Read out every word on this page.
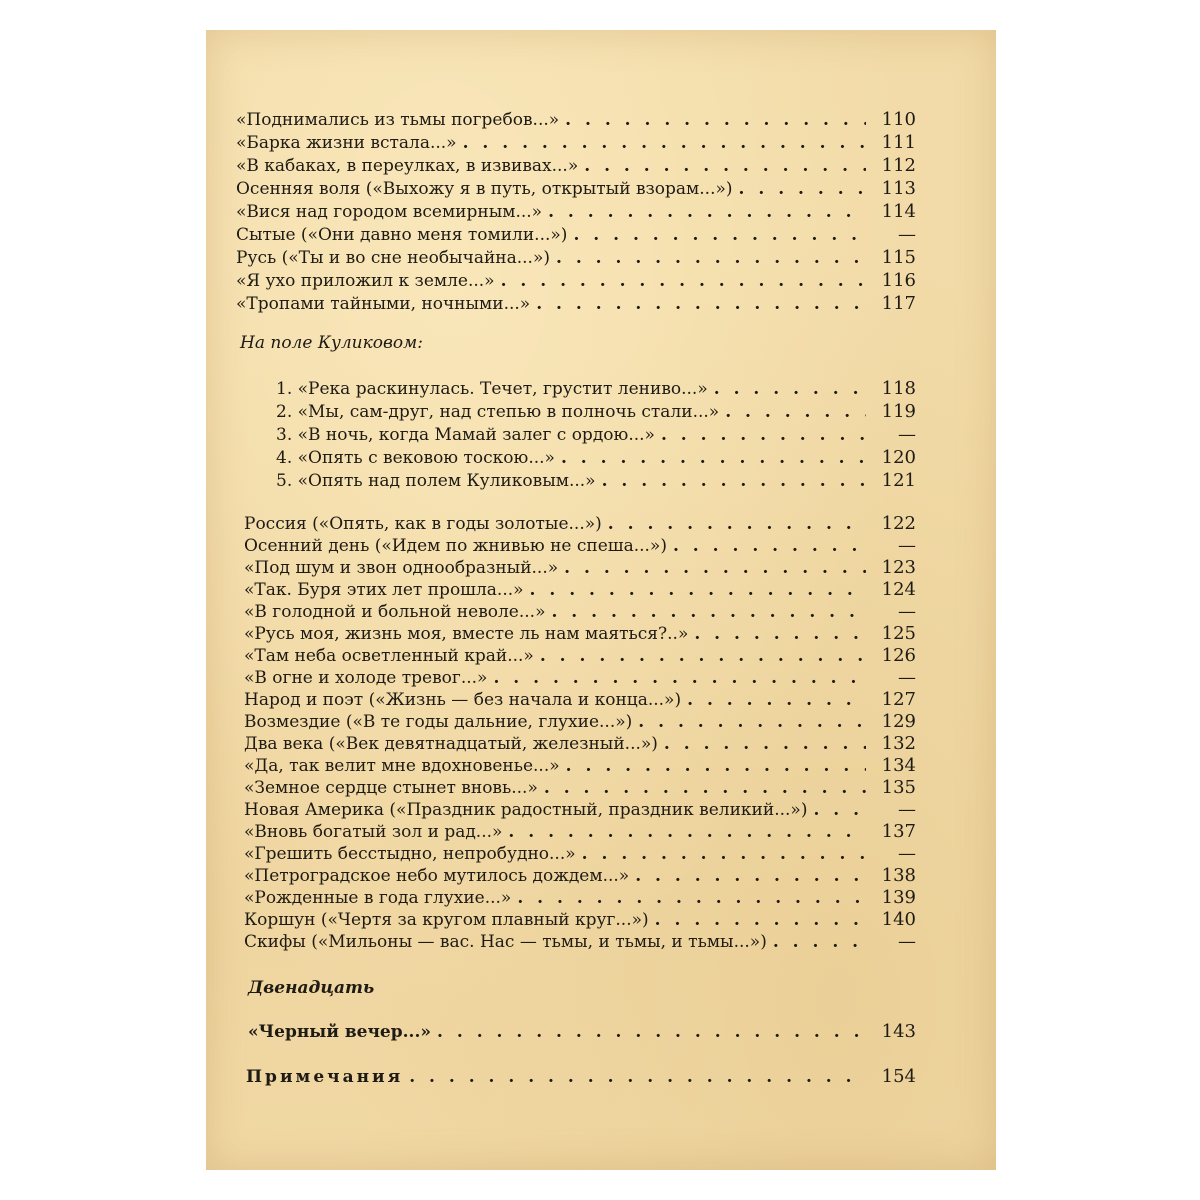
«Поднимались из тьмы погребов...» . . .	110
«Барка жизни встала...» . . .	111
«В кабаках, в переулках, в извивах...» . . .	112
Осенняя воля («Выхожу я в путь, открытый взорам...») . . .	113
«Вися над городом всемирным...» . . .	114
Сытые («Они давно меня томили...») . . .	—
Русь («Ты и во сне необычайна...») . . .	115
«Я ухо приложил к земле...» . . .	116
«Тропами тайными, ночными...» . . .	117
На поле Куликовом:
1. «Река раскинулась. Течет, грустит лениво...» . . .	118
2. «Мы, сам-друг, над степью в полночь стали...» . . .	119
3. «В ночь, когда Мамай залег с ордою...» . . .	—
4. «Опять с вековою тоскою...» . . .	120
5. «Опять над полем Куликовым...» . . .	121
Россия («Опять, как в годы золотые...») . . .	122
Осенний день («Идем по жнивью не спеша...») . . .	—
«Под шум и звон однообразный...» . . .	123
«Так. Буря этих лет прошла...» . . .	124
«В голодной и больной неволе...» . . .	—
«Русь моя, жизнь моя, вместе ль нам маяться?..» . . .	125
«Там неба осветленный край...» . . .	126
«В огне и холоде тревог...» . . .	—
Народ и поэт («Жизнь — без начала и конца...») . . .	127
Возмездие («В те годы дальние, глухие...») . . .	129
Два века («Век девятнадцатый, железный...») . . .	132
«Да, так велит мне вдохновенье...» . . .	134
«Земное сердце стынет вновь...» . . .	135
Новая Америка («Праздник радостный, праздник великий...») . . .	—
«Вновь богатый зол и рад...» . . .	137
«Грешить бесстыдно, непробудно...» . . .	—
«Петроградское небо мутилось дождем...» . . .	138
«Рожденные в года глухие...» . . .	139
Коршун («Чертя за кругом плавный круг...») . . .	140
Скифы («Мильоны — вас. Нас — тьмы, и тьмы, и тьмы...») . . .	—
Двенадцать
«Черный вечер...» . . .	143
Примечания . . .	154
